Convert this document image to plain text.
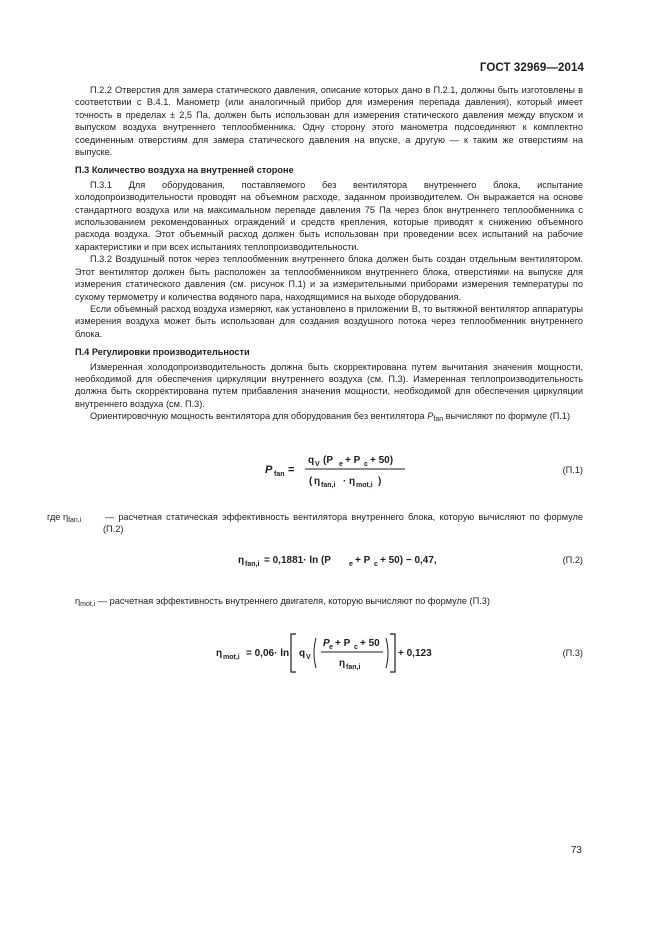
ГОСТ 32969—2014

П.2.2 Отверстия для замера статического давления, описание которых дано в П.2.1, должны быть изготовлены в соответствии с В.4.1. Манометр (или аналогичный прибор для измерения перепада давления), который имеет точность в пределах ± 2,5 Па, должен быть использован для измерения статического давления между впуском и выпуском воздуха внутреннего теплообменника. Одну сторону этого манометра подсоединяют к комплектно соединенным отверстиям для замера статического давления на впуске, а другую — к таким же отверстиям на выпуске.

П.3 Количество воздуха на внутренней стороне

П.3.1 Для оборудования, поставляемого без вентилятора внутреннего блока, испытание холодопроизводительности проводят на объемном расходе, заданном производителем. Он выражается на основе стандартного воздуха или на максимальном перепаде давления 75 Па через блок внутреннего теплообменника с использованием рекомендованных ограждений и средств крепления, которые приводят к снижению объемного расхода воздуха. Этот объемный расход должен быть использован при проведении всех испытаний на рабочие характеристики и при всех испытаниях теплопроизводительности.

П.3.2 Воздушный поток через теплообменник внутреннего блока должен быть создан отдельным вентилятором. Этот вентилятор должен быть расположен за теплообменником внутреннего блока, отверстиями на выпуске для измерения статического давления (см. рисунок П.1) и за измерительными приборами измерения температуры по сухому термометру и количества водяного пара, находящимися на выходе оборудования.

Если объемный расход воздуха измеряют, как установлено в приложении В, то вытяжной вентилятор аппаратуры измерения воздуха может быть использован для создания воздушного потока через теплообменник внутреннего блока.

П.4 Регулировки производительности

Измеренная холодопроизводительность должна быть скорректирована путем вычитания значения мощности, необходимой для обеспечения циркуляции внутреннего воздуха (см. П.3). Измеренная теплопроизводительность должна быть скорректирована путем прибавления значения мощности, необходимой для обеспечения циркуляции внутреннего воздуха (см. П.3).

Ориентировочную мощность вентилятора для оборудования без вентилятора $P_{fan}$ вычисляют по формуле (П.1)

P fan =
q V (P e + P c + 50)
( η fan,i · η mot,i )
(П.1)

где $\eta_{fan,i}$	— расчетная статическая эффективность вентилятора внутреннего блока, которую вычисляют по формуле (П.2)

η fan,i = 0,1881· ln (P	e + P c + 50) − 0,47,	(П.2)

$\eta_{mot,i}$ — расчетная эффективность внутреннего двигателя, которую вычисляют по формуле (П.3)

η mot,i = 0,06· ln q V
P e + P c + 50
η fan,i
+ 0,123	(П.3)
73
